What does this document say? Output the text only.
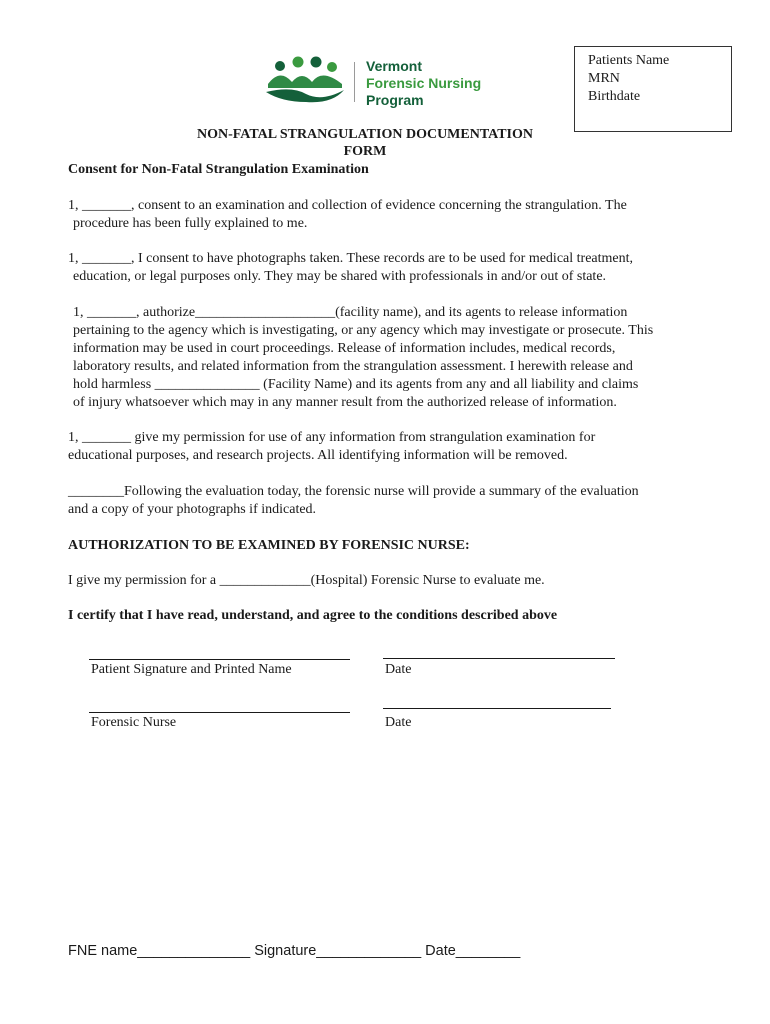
Vermont
Forensic Nursing
Program
Patients Name
MRN
Birthdate
NON-FATAL STRANGULATION DOCUMENTATION
FORM
Consent for Non-Fatal Strangulation Examination
1, _______, consent to an examination and collection of evidence concerning the strangulation. The
procedure has been fully explained to me.
1, _______, I consent to have photographs taken. These records are to be used for medical treatment,
education, or legal purposes only. They may be shared with professionals in and/or out of state.
1, _______, authorize____________________(facility name), and its agents to release information
pertaining to the agency which is investigating, or any agency which may investigate or prosecute. This
information may be used in court proceedings. Release of information includes, medical records,
laboratory results, and related information from the strangulation assessment. I herewith release and
hold harmless _______________ (Facility Name) and its agents from any and all liability and claims
of injury whatsoever which may in any manner result from the authorized release of information.
1, _______ give my permission for use of any information from strangulation examination for
educational purposes, and research projects. All identifying information will be removed.
________Following the evaluation today, the forensic nurse will provide a summary of the evaluation
and a copy of your photographs if indicated.
AUTHORIZATION TO BE EXAMINED BY FORENSIC NURSE:
I give my permission for a _____________(Hospital) Forensic Nurse to evaluate me.
I certify that I have read, understand, and agree to the conditions described above
Patient Signature and Printed Name	Date
Forensic Nurse	Date
FNE name______________ Signature_____________ Date________
